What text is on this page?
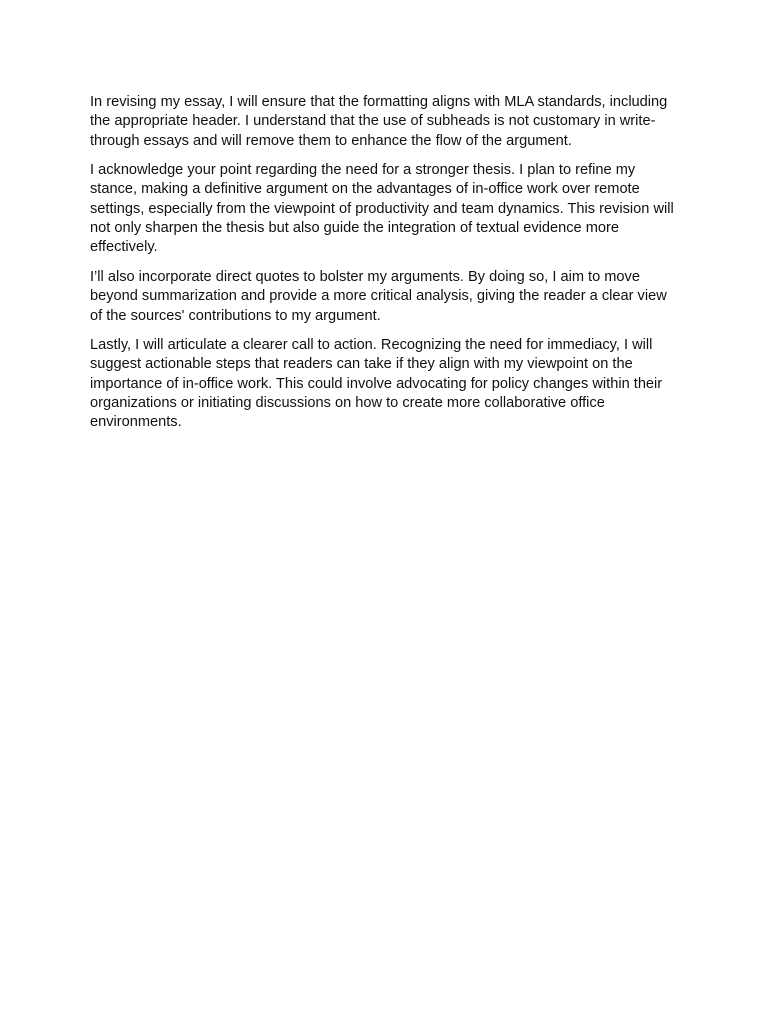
In revising my essay, I will ensure that the formatting aligns with MLA standards, including the appropriate header. I understand that the use of subheads is not customary in write-through essays and will remove them to enhance the flow of the argument.

I acknowledge your point regarding the need for a stronger thesis. I plan to refine my stance, making a definitive argument on the advantages of in-office work over remote settings, especially from the viewpoint of productivity and team dynamics. This revision will not only sharpen the thesis but also guide the integration of textual evidence more effectively.

I’ll also incorporate direct quotes to bolster my arguments. By doing so, I aim to move beyond summarization and provide a more critical analysis, giving the reader a clear view of the sources' contributions to my argument.

Lastly, I will articulate a clearer call to action. Recognizing the need for immediacy, I will suggest actionable steps that readers can take if they align with my viewpoint on the importance of in-office work. This could involve advocating for policy changes within their organizations or initiating discussions on how to create more collaborative office environments.
